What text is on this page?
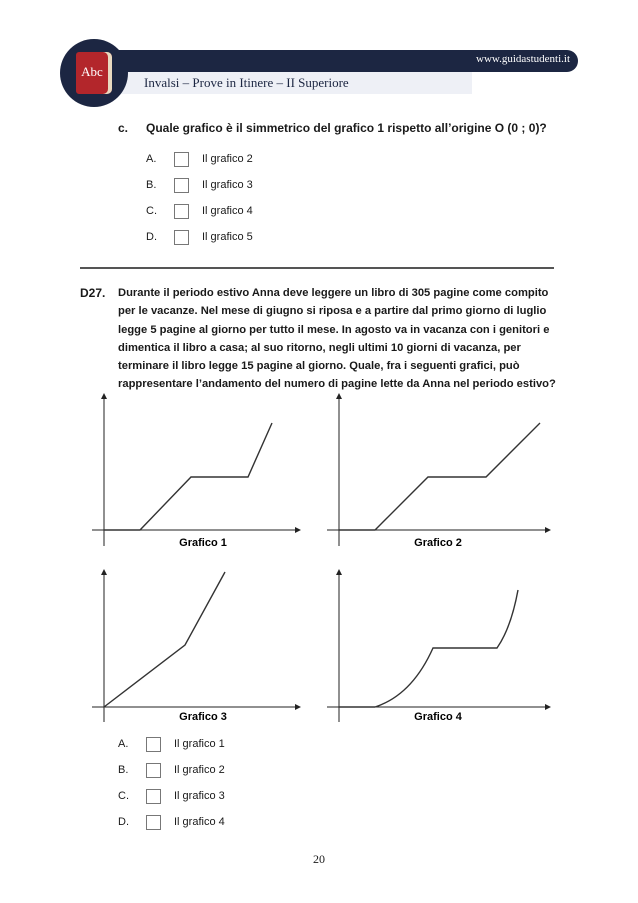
www.guidastudenti.it
Invalsi – Prove in Itinere – II Superiore
Abc
c. Quale grafico è il simmetrico del grafico 1 rispetto all’origine O (0 ; 0)?
A.	Il grafico 2
B.	Il grafico 3
C.	Il grafico 4
D.	Il grafico 5
D27. Durante il periodo estivo Anna deve leggere un libro di 305 pagine come compito per le vacanze. Nel mese di giugno si riposa e a partire dal primo giorno di luglio legge 5 pagine al giorno per tutto il mese. In agosto va in vacanza con i genitori e dimentica il libro a casa; al suo ritorno, negli ultimi 10 giorni di vacanza, per terminare il libro legge 15 pagine al giorno. Quale, fra i seguenti grafici, può rappresentare l’andamento del numero di pagine lette da Anna nel periodo estivo?
Grafico 1	Grafico 2
Grafico 3	Grafico 4
A.	Il grafico 1
B.	Il grafico 2
C.	Il grafico 3
D.	Il grafico 4
20
